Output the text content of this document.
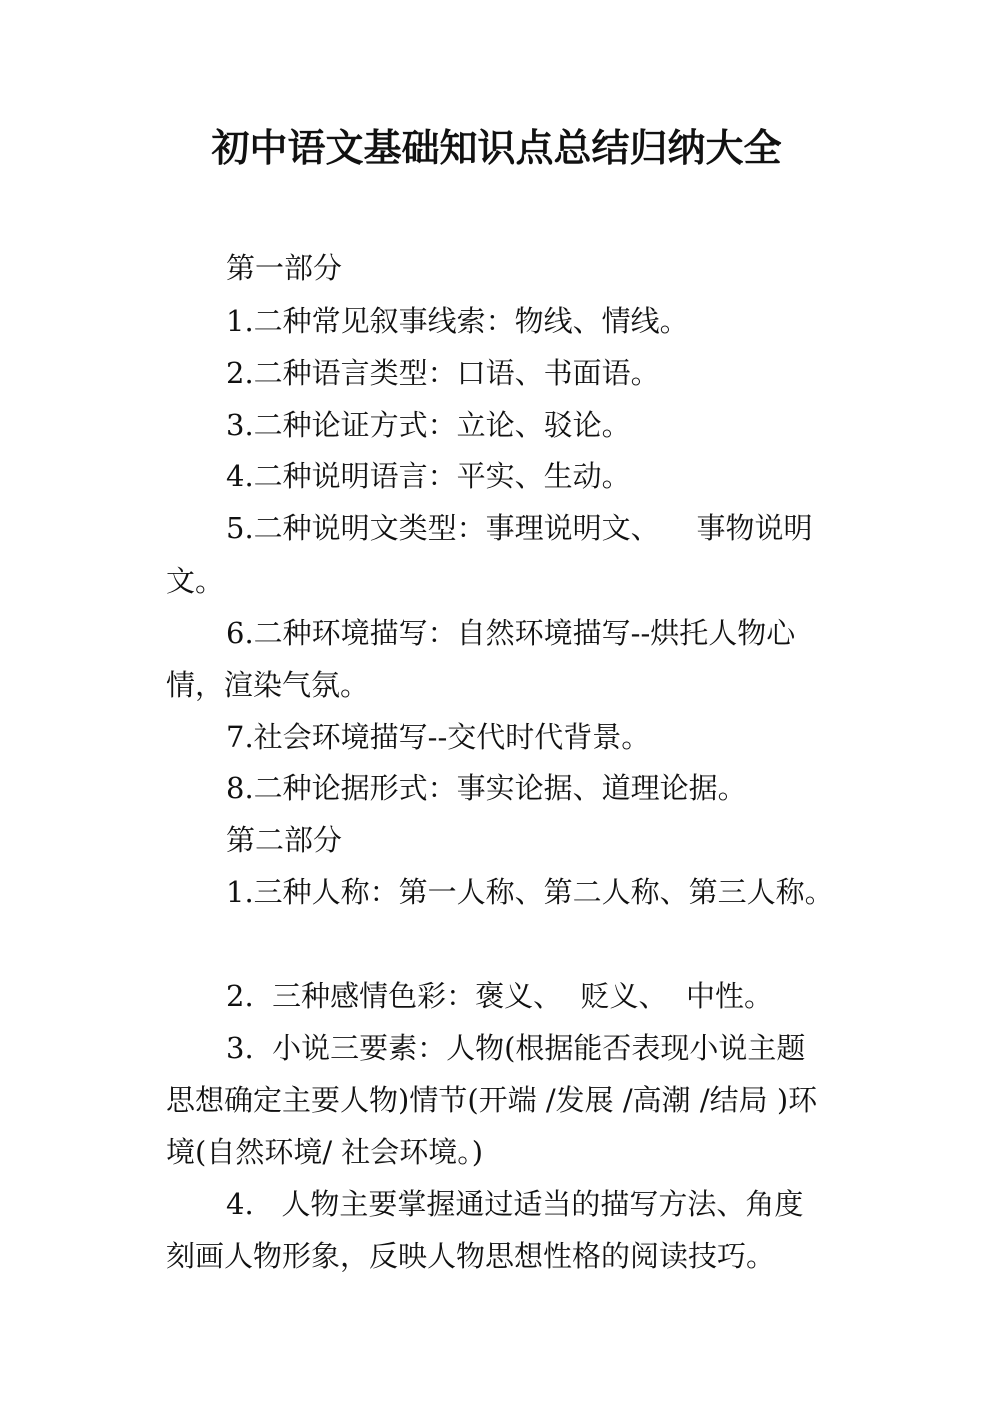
初中语文基础知识点总结归纳大全

第一部分

1.二种常见叙事线索：物线、情线。

2.二种语言类型：口语、书面语。

3.二种论证方式：立论、驳论。

4.二种说明语言：平实、生动。

5.二种说明文类型：事理说明文、    事物说明

文。

6.二种环境描写：自然环境描写--烘托人物心

情，渲染气氛。

7.社会环境描写--交代时代背景。

8.二种论据形式：事实论据、道理论据。

第二部分

1.三种人称：第一人称、第二人称、第三人称。

2.  三种感情色彩：褒义、  贬义、  中性。

3.  小说三要素：人物(根据能否表现小说主题

思想确定主要人物)情节(开端 /发展 /高潮 /结局 )环

境(自然环境/ 社会环境。)

4.   人物主要掌握通过适当的描写方法、角度

刻画人物形象，反映人物思想性格的阅读技巧。
